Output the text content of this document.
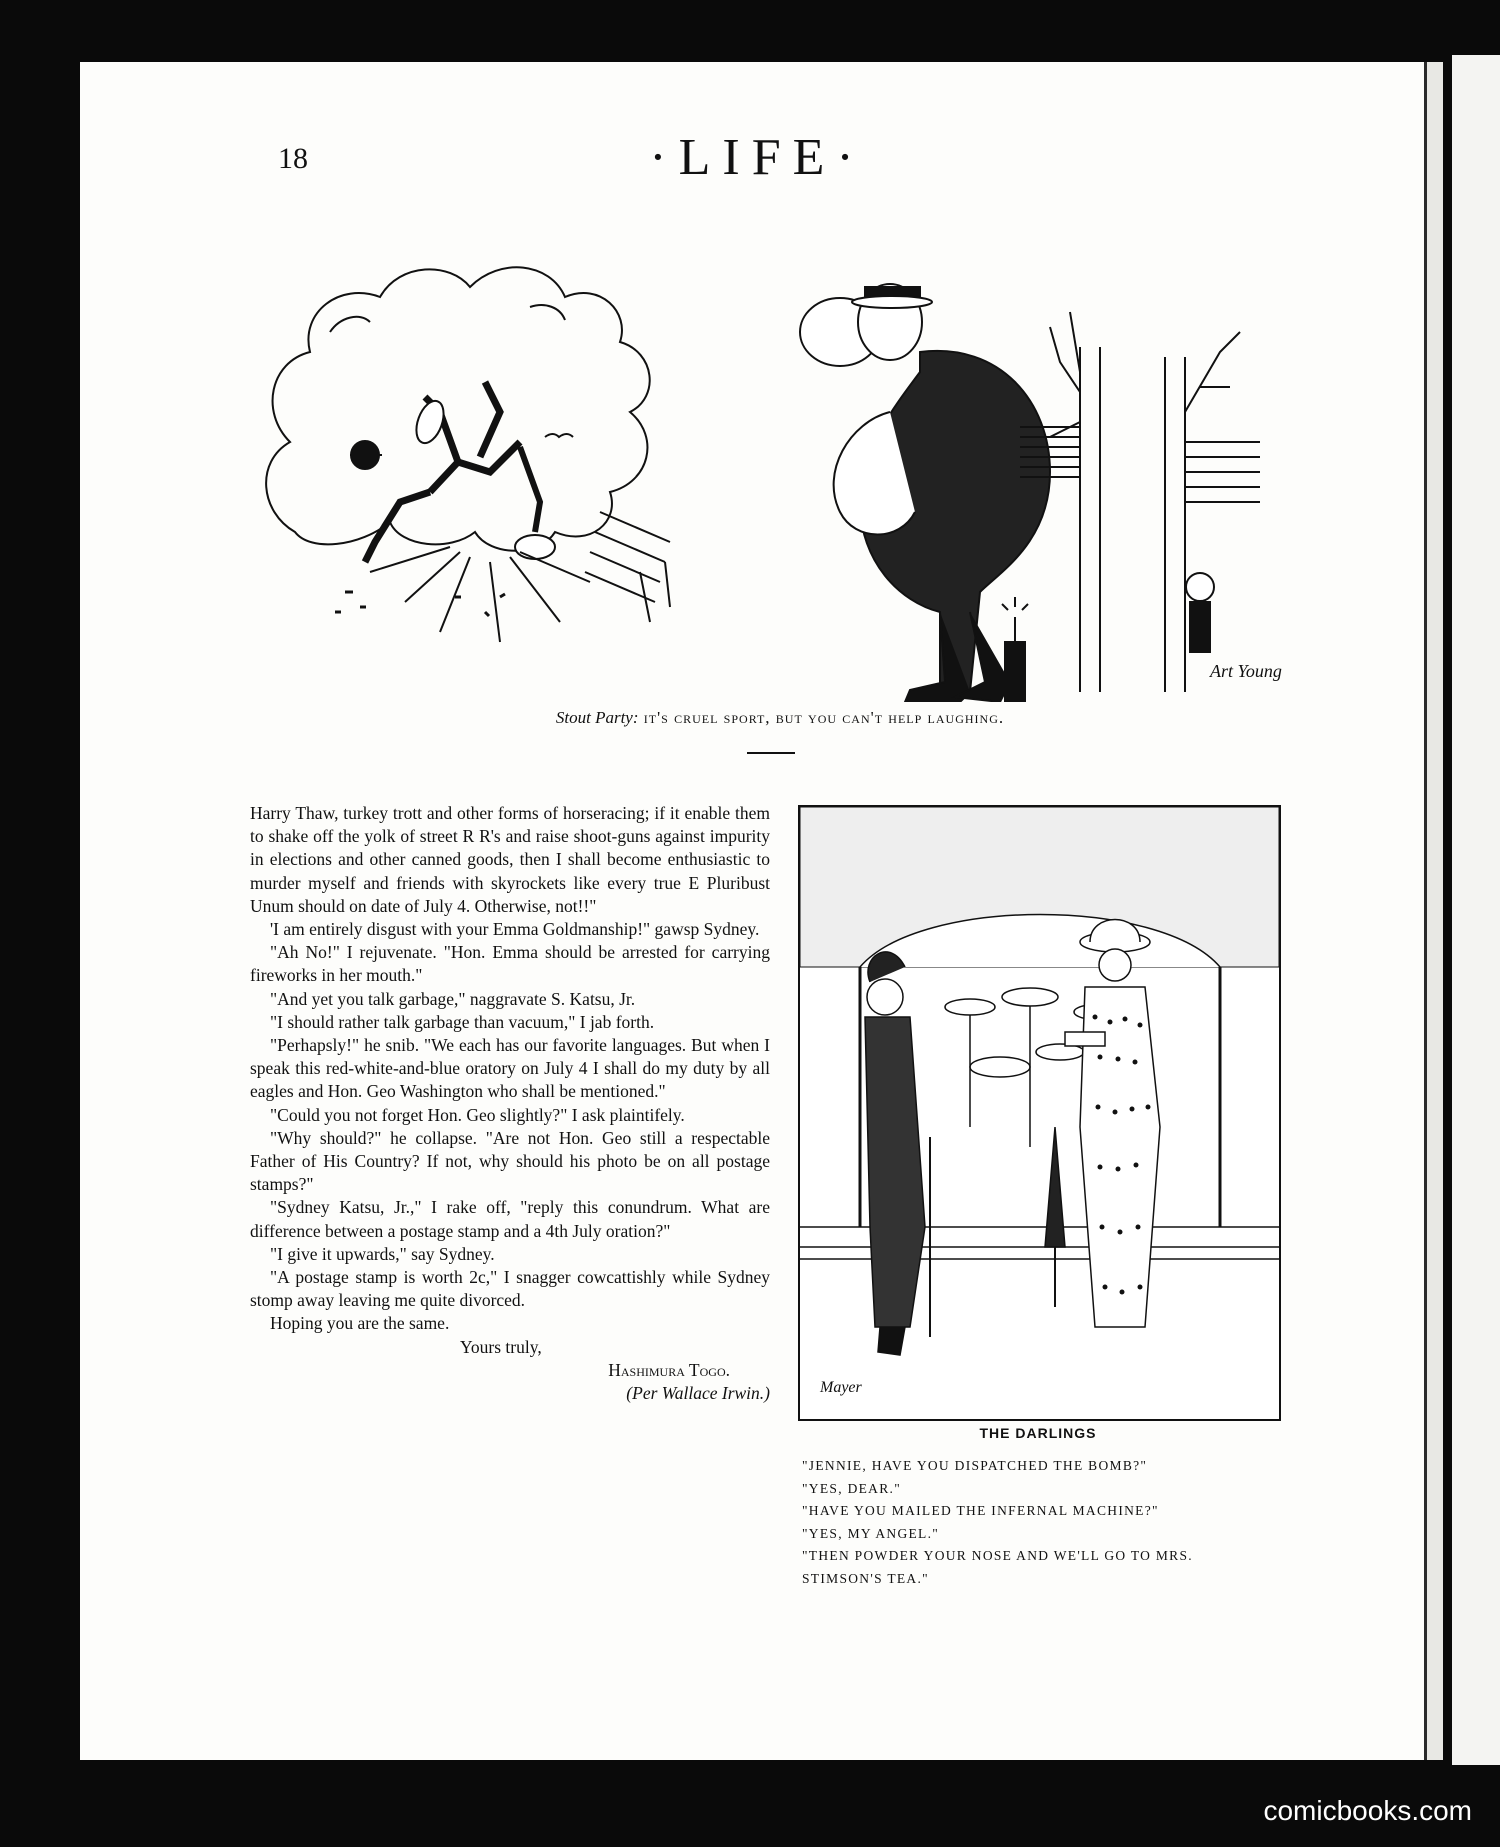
18	·LIFE·
Art Young
Stout Party: it's cruel sport, but you can't help laughing.

Harry Thaw, turkey trott and other forms of horseracing; if it enable them to shake off the yolk of street R R's and raise shoot-guns against impurity in elections and other canned goods, then I shall become enthusiastic to murder myself and friends with skyrockets like every true E Pluribust Unum should on date of July 4. Otherwise, not!!"

'I am entirely disgust with your Emma Goldmanship!" gawsp Sydney.

"Ah No!" I rejuvenate. "Hon. Emma should be arrested for carrying fireworks in her mouth."

"And yet you talk garbage," naggravate S. Katsu, Jr.

"I should rather talk garbage than vacuum," I jab forth.

"Perhapsly!" he snib. "We each has our favorite languages. But when I speak this red-white-and-blue oratory on July 4 I shall do my duty by all eagles and Hon. Geo Washington who shall be mentioned."

"Could you not forget Hon. Geo slightly?" I ask plaintifely.

"Why should?" he collapse. "Are not Hon. Geo still a respectable Father of His Country? If not, why should his photo be on all postage stamps?"

"Sydney Katsu, Jr.," I rake off, "reply this conundrum. What are difference between a postage stamp and a 4th July oration?"

"I give it upwards," say Sydney.

"A postage stamp is worth 2c," I snagger cowcattishly while Sydney stomp away leaving me quite divorced.

Hoping you are the same.

Yours truly,

Hashimura Togo.

(Per Wallace Irwin.)	Mayer
THE DARLINGS

"JENNIE, HAVE YOU DISPATCHED THE BOMB?"

"YES, DEAR."

"HAVE YOU MAILED THE INFERNAL MACHINE?"

"YES, MY ANGEL."

"THEN POWDER YOUR NOSE AND WE'LL GO TO MRS. STIMSON'S TEA."

comicbooks.com
